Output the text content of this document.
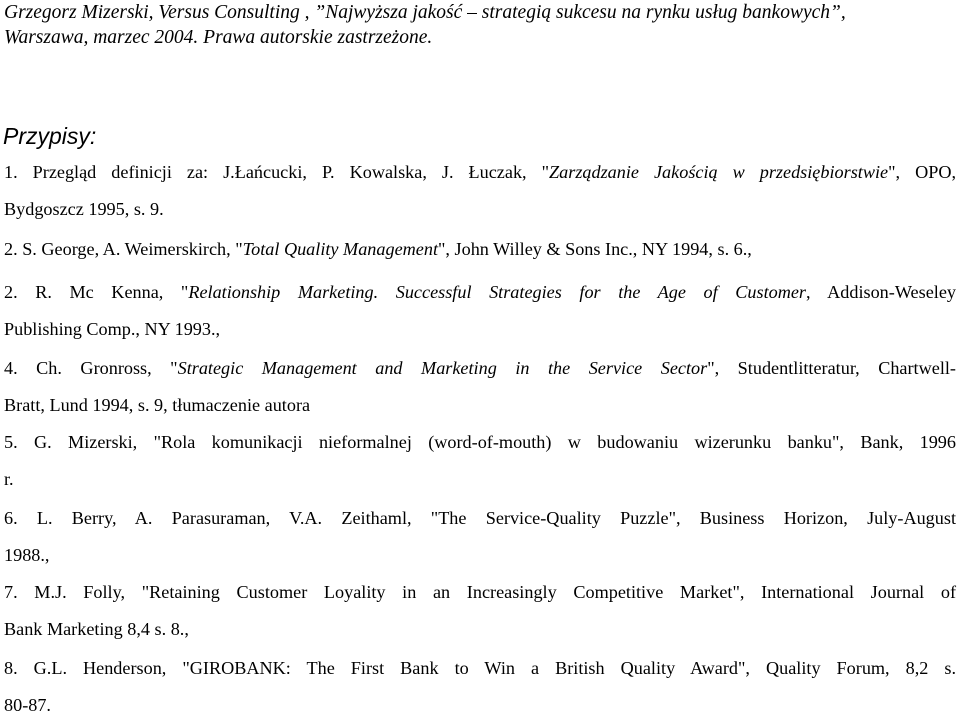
Grzegorz Mizerski, Versus Consulting , ”Najwyższa jakość – strategią sukcesu na rynku usług bankowych”,
Warszawa, marzec 2004. Prawa autorskie zastrzeżone.
Przypisy:
1. Przegląd definicji za: J.Łańcucki, P. Kowalska, J. Łuczak, "Zarządzanie Jakością w przedsiębiorstwie", OPO,
Bydgoszcz 1995, s. 9.
2. S. George, A. Weimerskirch, "Total Quality Management", John Willey & Sons Inc., NY 1994, s. 6.,
2. R. Mc Kenna, "Relationship Marketing. Successful Strategies for the Age of Customer, Addison-Weseley
Publishing Comp., NY 1993.,
4. Ch. Gronross, "Strategic Management and Marketing in the Service Sector", Studentlitteratur, Chartwell-
Bratt, Lund 1994, s. 9, tłumaczenie autora
5. G. Mizerski, "Rola komunikacji nieformalnej (word-of-mouth) w budowaniu wizerunku banku", Bank, 1996
r.
6. L. Berry, A. Parasuraman, V.A. Zeithaml, "The Service-Quality Puzzle", Business Horizon, July-August
1988.,
7. M.J. Folly, "Retaining Customer Loyality in an Increasingly Competitive Market", International Journal of
Bank Marketing 8,4 s. 8.,
8. G.L. Henderson, "GIROBANK: The First Bank to Win a British Quality Award", Quality Forum, 8,2 s.
80-87.
